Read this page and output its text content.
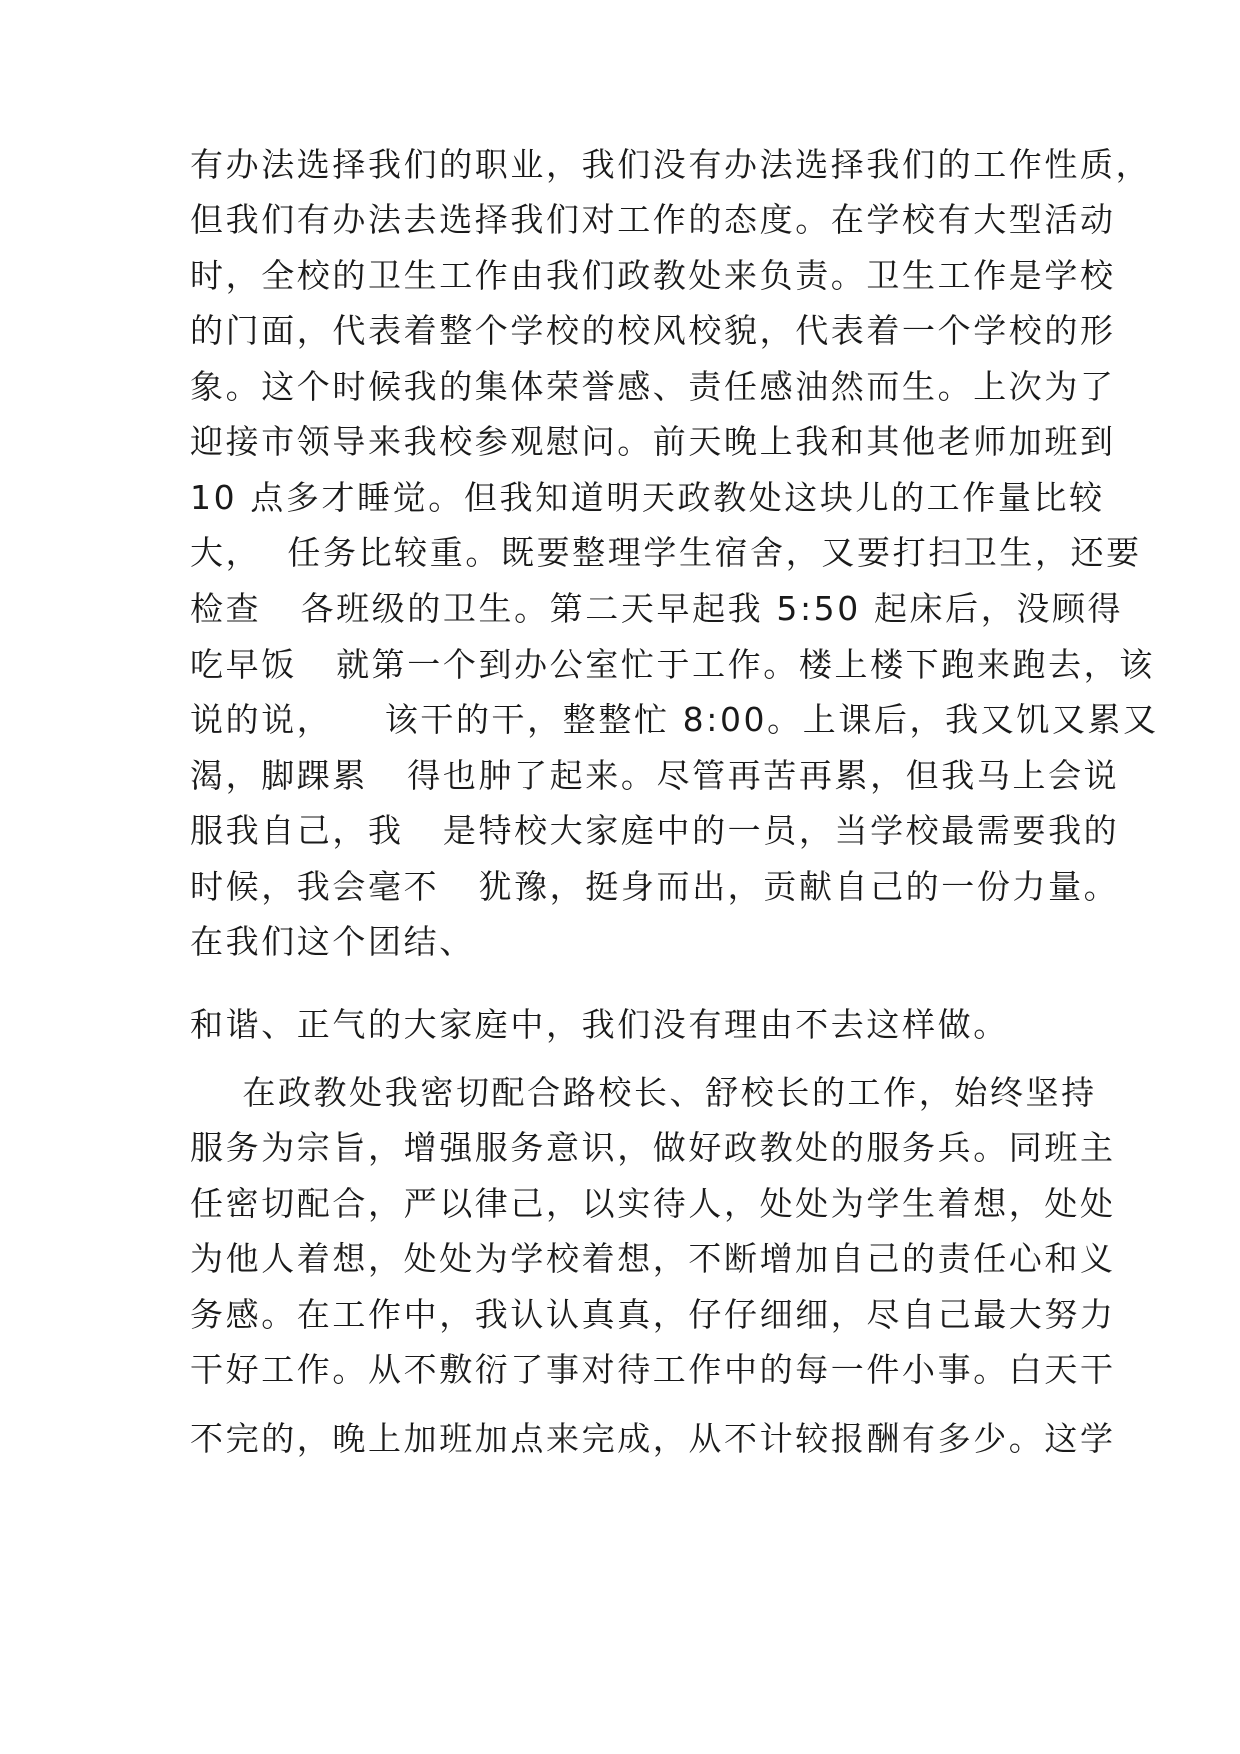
有办法选择我们的职业，我们没有办法选择我们的工作性质，
但我们有办法去选择我们对工作的态度。在学校有大型活动
时，全校的卫生工作由我们政教处来负责。卫生工作是学校
的门面，代表着整个学校的校风校貌，代表着一个学校的形
象。这个时候我的集体荣誉感、责任感油然而生。上次为了
迎接市领导来我校参观慰问。前天晚上我和其他老师加班到
10 点多才睡觉。但我知道明天政教处这块儿的工作量比较
大，  任务比较重。既要整理学生宿舍，又要打扫卫生，还要
检查   各班级的卫生。第二天早起我 5:50 起床后，没顾得
吃早饭   就第一个到办公室忙于工作。楼上楼下跑来跑去，该
说的说，    该干的干，整整忙 8:00。上课后，我又饥又累又
渴，脚踝累   得也肿了起来。尽管再苦再累，但我马上会说
服我自己，我   是特校大家庭中的一员，当学校最需要我的
时候，我会毫不   犹豫，挺身而出，贡献自己的一份力量。
在我们这个团结、
和谐、正气的大家庭中，我们没有理由不去这样做。
在政教处我密切配合路校长、舒校长的工作，始终坚持
服务为宗旨，增强服务意识，做好政教处的服务兵。同班主
任密切配合，严以律己，以实待人，处处为学生着想，处处
为他人着想，处处为学校着想，不断增加自己的责任心和义
务感。在工作中，我认认真真，仔仔细细，尽自己最大努力
干好工作。从不敷衍了事对待工作中的每一件小事。白天干
不完的，晚上加班加点来完成，从不计较报酬有多少。这学
